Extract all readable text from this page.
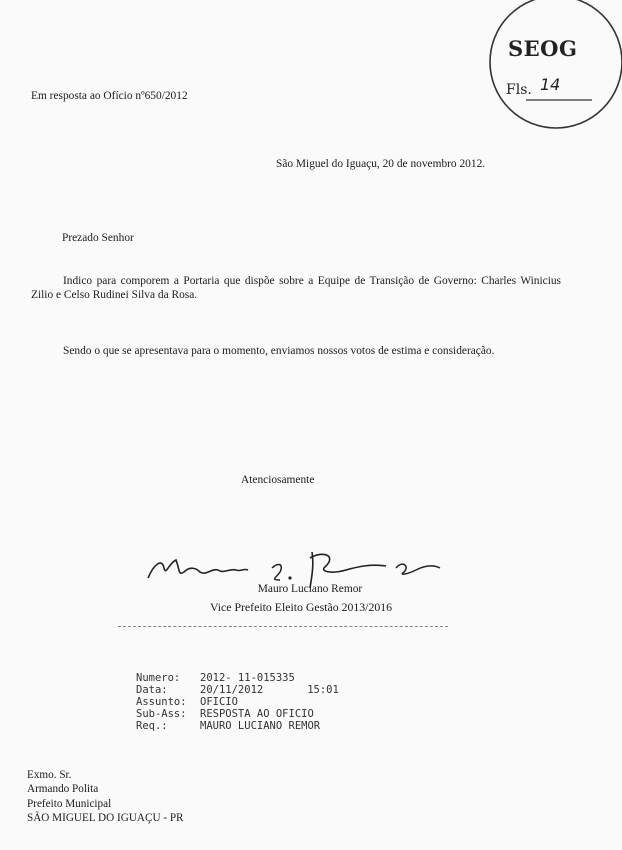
SEOG
Fls. 14
Em resposta ao Ofício nº650/2012
São Miguel do Iguaçu, 20 de novembro 2012.
Prezado Senhor
Indico para comporem a Portaria que dispõe sobre a Equipe de Transição de Governo: Charles Winicius Zilio e Celso Rudinei Silva da Rosa.
Sendo o que se apresentava para o momento, enviamos nossos votos de estima e consideração.
Atenciosamente
Mauro Luciano Remor
Vice Prefeito Eleito Gestão 2013/2016
Numero:	2012- 11-015335
Data:	20/11/2012	15:01
Assunto:	OFICIO
Sub-Ass:	RESPOSTA AO OFICIO
Req.:	MAURO LUCIANO REMOR
Exmo. Sr.
Armando Polita
Prefeito Municipal
SÃO MIGUEL DO IGUAÇU - PR
